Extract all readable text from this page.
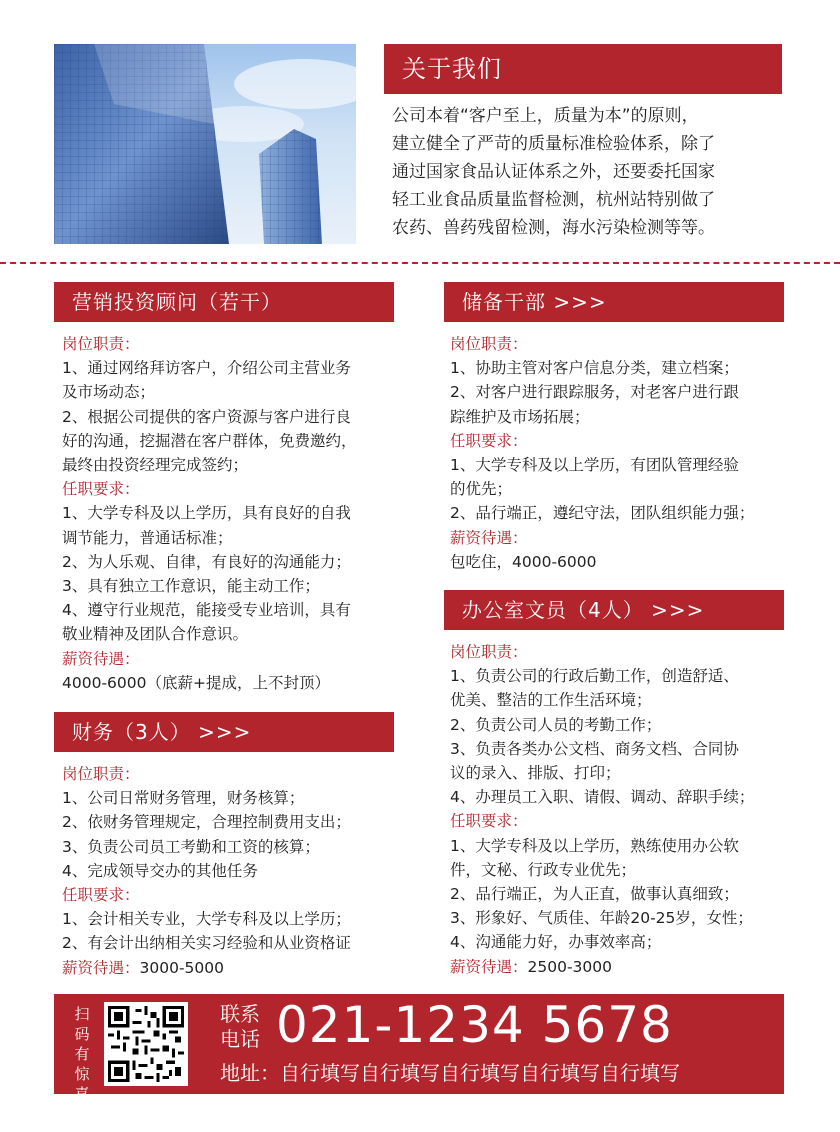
关于我们
公司本着“客户至上，质量为本”的原则，
建立健全了严苛的质量标准检验体系，除了
通过国家食品认证体系之外，还要委托国家
轻工业食品质量监督检测，杭州站特别做了
农药、兽药残留检测，海水污染检测等等。
营销投资顾问（若干）
岗位职责：
1、通过网络拜访客户，介绍公司主营业务
及市场动态；
2、根据公司提供的客户资源与客户进行良
好的沟通，挖掘潜在客户群体，免费邀约，
最终由投资经理完成签约；
任职要求：
1、大学专科及以上学历，具有良好的自我
调节能力，普通话标准；
2、为人乐观、自律，有良好的沟通能力；
3、具有独立工作意识，能主动工作；
4、遵守行业规范，能接受专业培训，具有
敬业精神及团队合作意识。
薪资待遇：
4000-6000（底薪+提成，上不封顶）
财务（3人） >>>
岗位职责：
1、公司日常财务管理，财务核算；
2、依财务管理规定，合理控制费用支出；
3、负责公司员工考勤和工资的核算；
4、完成领导交办的其他任务
任职要求：
1、会计相关专业，大学专科及以上学历；
2、有会计出纳相关实习经验和从业资格证
薪资待遇：3000-5000
储备干部 >>>
岗位职责：
1、协助主管对客户信息分类，建立档案；
2、对客户进行跟踪服务，对老客户进行跟
踪维护及市场拓展；
任职要求：
1、大学专科及以上学历，有团队管理经验
的优先；
2、品行端正，遵纪守法，团队组织能力强；
薪资待遇：
包吃住，4000-6000
办公室文员（4人） >>>
岗位职责：
1、负责公司的行政后勤工作，创造舒适、
优美、整洁的工作生活环境；
2、负责公司人员的考勤工作；
3、负责各类办公文档、商务文档、合同协
议的录入、排版、打印；
4、办理员工入职、请假、调动、辞职手续；
任职要求：
1、大学专科及以上学历，熟练使用办公软
件，文秘、行政专业优先；
2、品行端正，为人正直，做事认真细致；
3、形象好、气质佳、年龄20-25岁，女性；
4、沟通能力好，办事效率高；
薪资待遇：2500-3000
扫码有惊喜
联系电话 021-1234 5678
地址：自行填写自行填写自行填写自行填写自行填写
